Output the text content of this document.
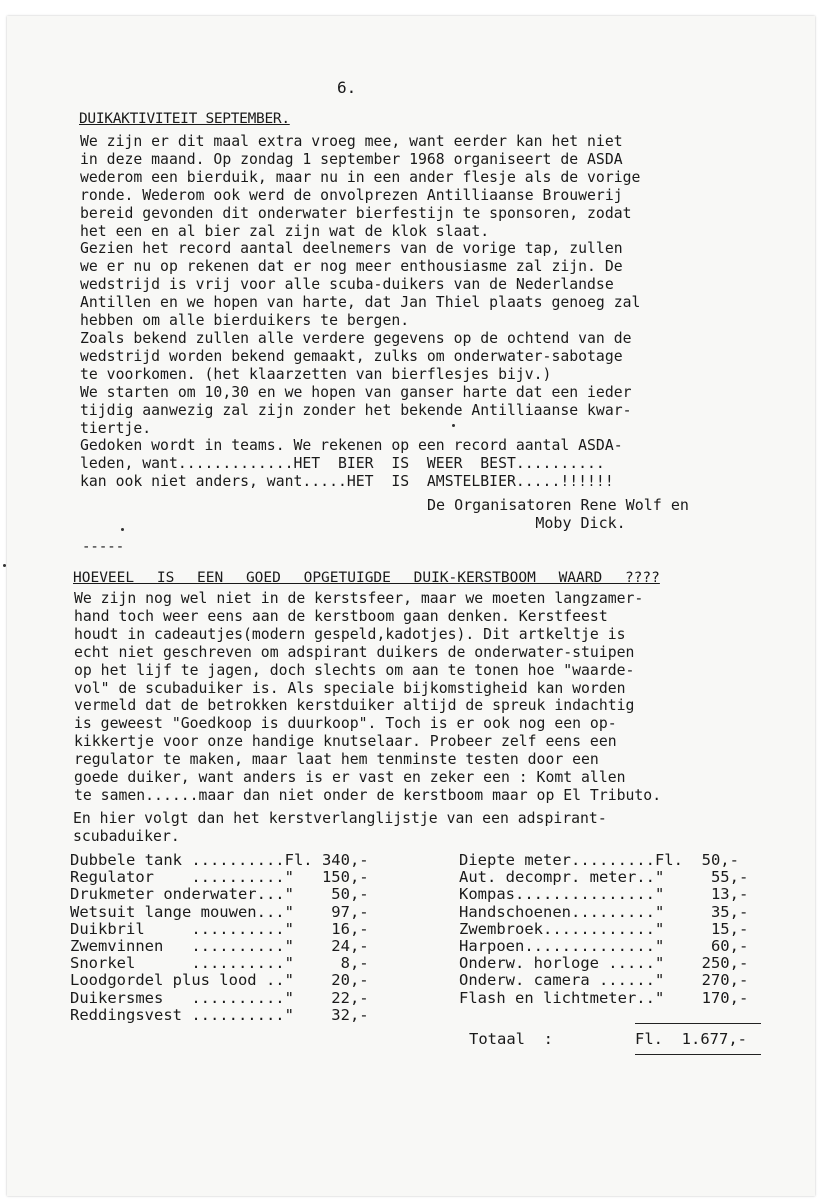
6.
DUIKAKTIVITEIT SEPTEMBER.
We zijn er dit maal extra vroeg mee, want eerder kan het niet
in deze maand. Op zondag 1 september 1968 organiseert de ASDA
wederom een bierduik, maar nu in een ander flesje als de vorige
ronde. Wederom ook werd de onvolprezen Antilliaanse Brouwerij
bereid gevonden dit onderwater bierfestijn te sponsoren, zodat
het een en al bier zal zijn wat de klok slaat.
Gezien het record aantal deelnemers van de vorige tap, zullen
we er nu op rekenen dat er nog meer enthousiasme zal zijn. De
wedstrijd is vrij voor alle scuba-duikers van de Nederlandse
Antillen en we hopen van harte, dat Jan Thiel plaats genoeg zal
hebben om alle bierduikers te bergen.
Zoals bekend zullen alle verdere gegevens op de ochtend van de
wedstrijd worden bekend gemaakt, zulks om onderwater-sabotage
te voorkomen. (het klaarzetten van bierflesjes bijv.)
We starten om 10,30 en we hopen van ganser harte dat een ieder
tijdig aanwezig zal zijn zonder het bekende Antilliaanse kwar-
tiertje.
Gedoken wordt in teams. We rekenen op een record aantal ASDA-
leden, want.............HET  BIER  IS  WEER  BEST..........
kan ook niet anders, want.....HET  IS  AMSTELBIER.....!!!!!!
De Organisatoren Rene Wolf en
Moby Dick.
-----
HOEVEEL IS EEN GOED OPGETUIGDE DUIK-KERSTBOOM WAARD ????
We zijn nog wel niet in de kerstsfeer, maar we moeten langzamer-
hand toch weer eens aan de kerstboom gaan denken. Kerstfeest
houdt in cadeautjes(modern gespeld,kadotjes). Dit artkeltje is
echt niet geschreven om adspirant duikers de onderwater-stuipen
op het lijf te jagen, doch slechts om aan te tonen hoe "waarde-
vol" de scubaduiker is. Als speciale bijkomstigheid kan worden
vermeld dat de betrokken kerstduiker altijd de spreuk indachtig
is geweest "Goedkoop is duurkoop". Toch is er ook nog een op-
kikkertje voor onze handige knutselaar. Probeer zelf eens een
regulator te maken, maar laat hem tenminste testen door een
goede duiker, want anders is er vast en zeker een : Komt allen
te samen......maar dan niet onder de kerstboom maar op El Tributo.
En hier volgt dan het kerstverlanglijstje van een adspirant-
scubaduiker.
Dubbele tank ..........Fl. 340,-
Regulator    .........."   150,-
Drukmeter onderwater..."    50,-
Wetsuit lange mouwen..."    97,-
Duikbril     .........."    16,-
Zwemvinnen   .........."    24,-
Snorkel      .........."     8,-
Loodgordel plus lood .."    20,-
Duikersmes   .........."    22,-
Reddingsvest .........."    32,-
Diepte meter.........Fl.  50,-
Aut. decompr. meter.."     55,-
Kompas..............."     13,-
Handschoenen........."     35,-
Zwembroek............"     15,-
Harpoen.............."     60,-
Onderw. horloge ....."    250,-
Onderw. camera ......"    270,-
Flash en lichtmeter.."    170,-
Totaal  :	Fl.  1.677,-
